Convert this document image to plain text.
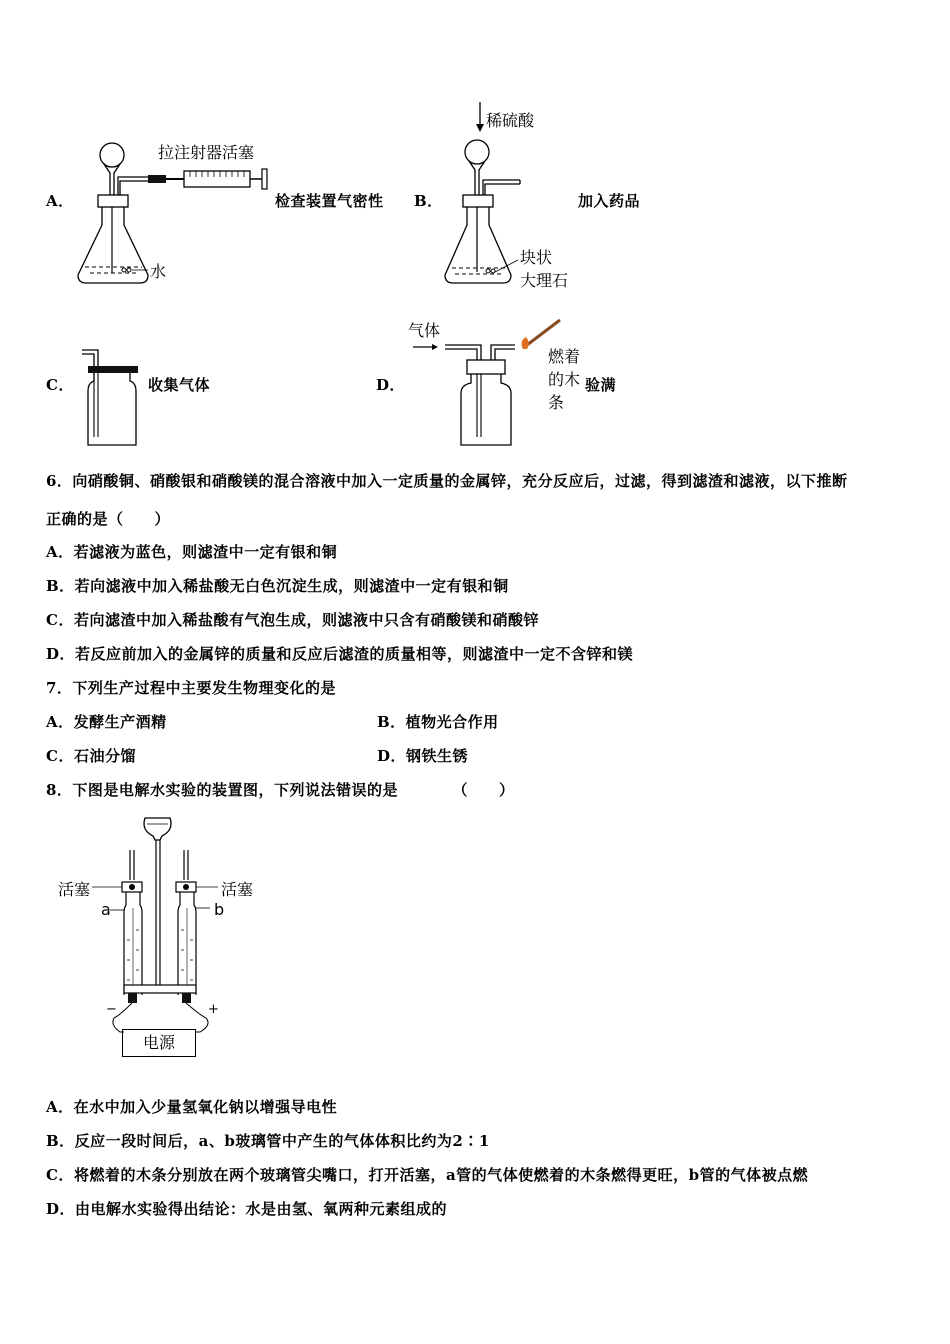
A．
拉注射器活塞
水
检查装置气密性 B．
稀硫酸
块状
大理石
加入药品
C．	收集气体	D．
气体
燃着
的木
条
验满
6．向硝酸铜、硝酸银和硝酸镁的混合溶液中加入一定质量的金属锌，充分反应后，过滤，得到滤渣和滤液，以下推断
正确的是（　　）
A．若滤液为蓝色，则滤渣中一定有银和铜
B．若向滤液中加入稀盐酸无白色沉淀生成，则滤渣中一定有银和铜
C．若向滤渣中加入稀盐酸有气泡生成，则滤液中只含有硝酸镁和硝酸锌
D．若反应前加入的金属锌的质量和反应后滤渣的质量相等，则滤渣中一定不含锌和镁
7．下列生产过程中主要发生物理变化的是
A．发酵生产酒精	B．植物光合作用
C．石油分馏	D．钢铁生锈
8．下图是电解水实验的装置图，下列说法错误的是　　　　（　　）
活塞	活塞
a	b
−	+
电源
A．在水中加入少量氢氧化钠以增强导电性
B．反应一段时间后，a、b玻璃管中产生的气体体积比约为2∶1
C．将燃着的木条分别放在两个玻璃管尖嘴口，打开活塞，a管的气体使燃着的木条燃得更旺，b管的气体被点燃
D．由电解水实验得出结论：水是由氢、氧两种元素组成的
